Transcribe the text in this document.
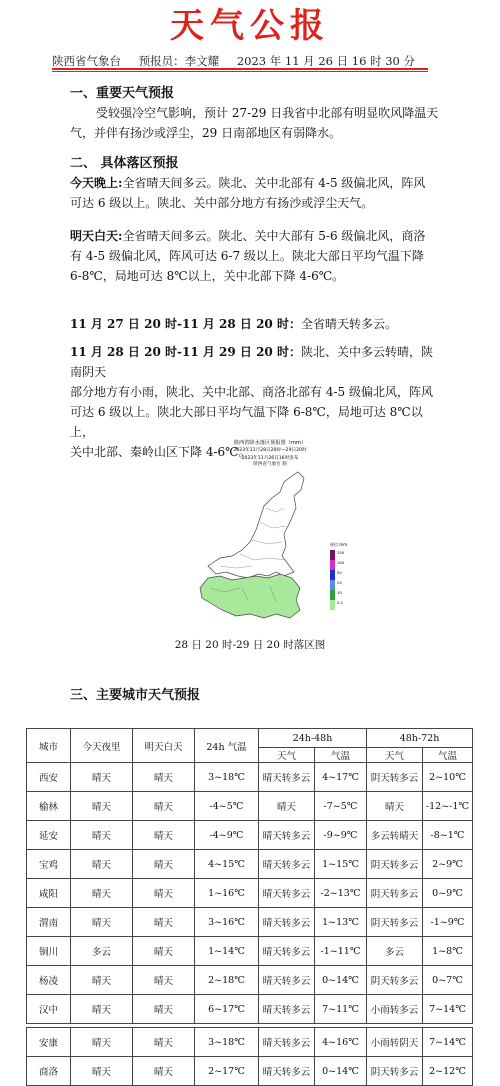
天气公报
陕西省气象台 预报员：李文耀 2023 年 11 月 26 日 16 时 30 分
一、重要天气预报
受较强冷空气影响，预计 27-29 日我省中北部有明显吹风降温天
气，并伴有扬沙或浮尘，29 日南部地区有弱降水。
二、 具体落区预报
今天晚上:全省晴天间多云。陕北、关中北部有 4-5 级偏北风，阵风
可达 6 级以上。陕北、关中部分地方有扬沙或浮尘天气。
明天白天:全省晴天间多云。陕北、关中大部有 5-6 级偏北风，商洛
有 4-5 级偏北风，阵风可达 6-7 级以上。陕北大部日平均气温下降
6-8℃，局地可达 8℃以上，关中北部下降 4-6℃。
11 月 27 日 20 时-11 月 28 日 20 时：全省晴天转多云。
11 月 28 日 20 时-11 月 29 日 20 时：陕北、关中多云转晴，陕南阴天
部分地方有小雨，陕北、关中北部、商洛北部有 4-5 级偏北风，阵风
可达 6 级以上。陕北大部日平均气温下降 6-8℃，局地可达 8℃以上，
关中北部、秦岭山区下降 4-6℃。
陕西省降水落区预报图（mm）
2023年11月28日20时—29日20时
2023年11月26日16时发布
陕西省气象台 制
单位:mm
250
100
50
25
10
0.1
28 日 20 时-29 日 20 时落区图
三、主要城市天气预报
城市	今天夜里	明天白天	24h 气温	24h-48h		48h-72h	
				天气	气温	天气	气温
西安	晴天	晴天	3~18℃	晴天转多云	4~17℃	阴天转多云	2~10℃
榆林	晴天	晴天	-4~5℃	晴天	-7~5℃	晴天	-12~-1℃
延安	晴天	晴天	-4~9℃	晴天转多云	-9~9℃	多云转晴天	-8~1℃
宝鸡	晴天	晴天	4~15℃	晴天转多云	1~15℃	阴天转多云	2~9℃
咸阳	晴天	晴天	1~16℃	晴天转多云	-2~13℃	阴天转多云	0~9℃
渭南	晴天	晴天	3~16℃	晴天转多云	1~13℃	阴天转多云	-1~9℃
铜川	多云	晴天	1~14℃	晴天转多云	-1~11℃	多云	1~8℃
杨凌	晴天	晴天	2~18℃	晴天转多云	0~14℃	阴天转多云	0~7℃
汉中	晴天	晴天	6~17℃	晴天转多云	7~11℃	小雨转多云	7~14℃

安康	晴天	晴天	3~18℃	晴天转多云	4~16℃	小雨转阴天	7~14℃
商洛	晴天	晴天	2~17℃	晴天转多云	0~14℃	阴天转多云	2~12℃
